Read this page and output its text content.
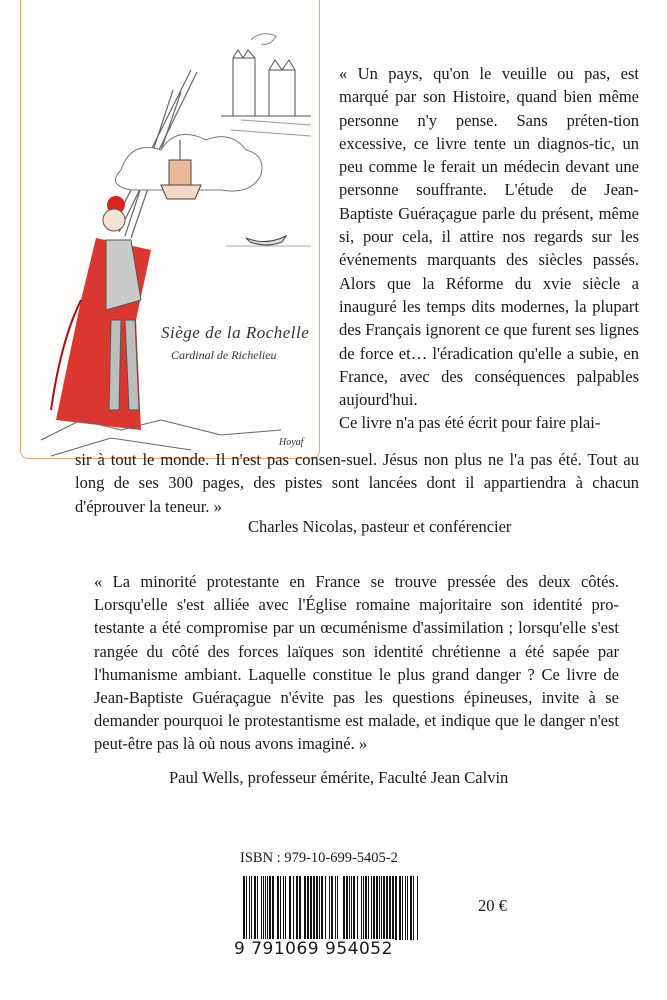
Siège de la Rochelle
Cardinal de Richelieu
Hoyaf

« Un pays, qu'on le veuille ou pas, est marqué par son Histoire, quand bien même personne n'y pense. Sans préten-tion excessive, ce livre tente un diagnos-tic, un peu comme le ferait un médecin devant une personne souffrante. L'étude de Jean-Baptiste Guéraçague parle du présent, même si, pour cela, il attire nos regards sur les événements marquants des siècles passés. Alors que la Réforme du xvie siècle a inauguré les temps dits modernes, la plupart des Français ignorent ce que furent ses lignes de force et… l'éradication qu'elle a subie, en France, avec des conséquences palpables aujourd'hui.

Ce livre n'a pas été écrit pour faire plai-

sir à tout le monde. Il n'est pas consen-suel. Jésus non plus ne l'a pas été. Tout au long de ses 300 pages, des pistes sont lancées dont il appartiendra à chacun d'éprouver la teneur. »

Charles Nicolas, pasteur et conférencier

« La minorité protestante en France se trouve pressée des deux côtés. Lorsqu'elle s'est alliée avec l'Église romaine majoritaire son identité pro-testante a été compromise par un œcuménisme d'assimilation ; lorsqu'elle s'est rangée du côté des forces laïques son identité chrétienne a été sapée par l'humanisme ambiant. Laquelle constitue le plus grand danger ? Ce livre de Jean-Baptiste Guéraçague n'évite pas les questions épineuses, invite à se demander pourquoi le protestantisme est malade, et indique que le danger n'est peut-être pas là où nous avons imaginé. »

Paul Wells, professeur émérite, Faculté Jean Calvin
ISBN : 979-10-699-5405-2
9 791069 954052
20 €
